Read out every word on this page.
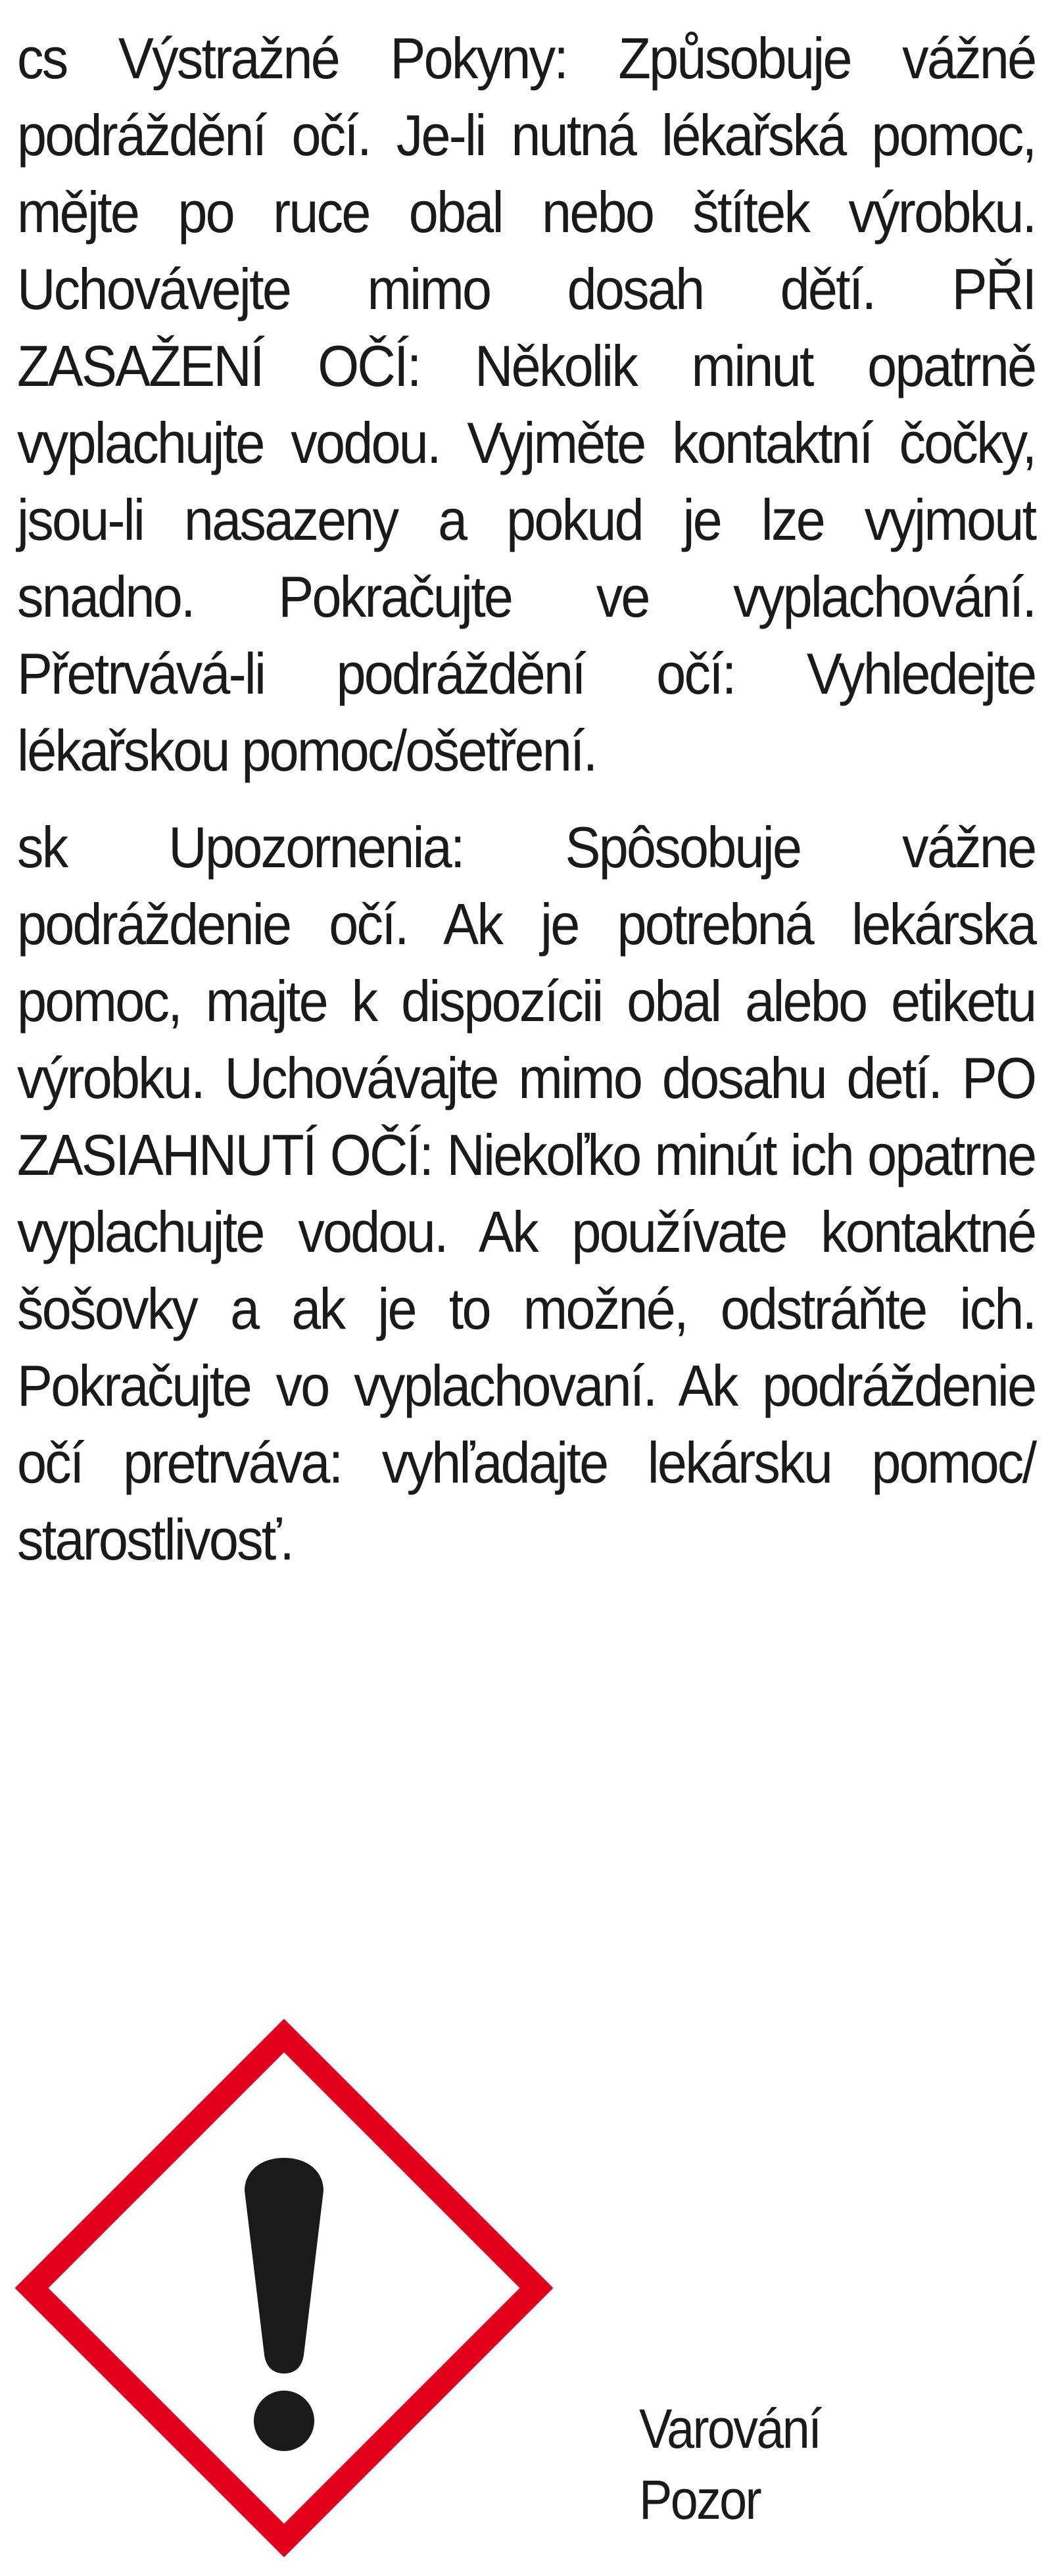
cs Výstražné Pokyny: Způsobuje vážné podráždění očí. Je-li nutná lékařská pomoc, mějte po ruce obal nebo štítek výrobku. Uchovávejte mimo dosah dětí. PŘI ZASAŽENÍ OČÍ: Několik minut opatrně vyplachujte vodou. Vyjměte kontaktní čočky, jsou-li nasazeny a pokud je lze vyjmout snadno. Pokračujte ve vyplachování. Přetrvává-li podráždění očí: Vyhledejte lékařskou pomoc/ošetření.

sk Upozornenia: Spôsobuje vážne podráždenie očí. Ak je potrebná lekárska pomoc, majte k dispozícii obal alebo etiketu výrobku. Uchovávajte mimo dosahu detí. PO ZASIAHNUTÍ OČÍ: Niekoľko minút ich opatrne vyplachujte vodou. Ak používate kontaktné šošovky a ak je to možné, odstráňte ich. Pokračujte vo vyplachovaní. Ak podráždenie očí pretrváva: vyhľadajte lekársku pomoc/ starostlivosť.

Varování
Pozor
